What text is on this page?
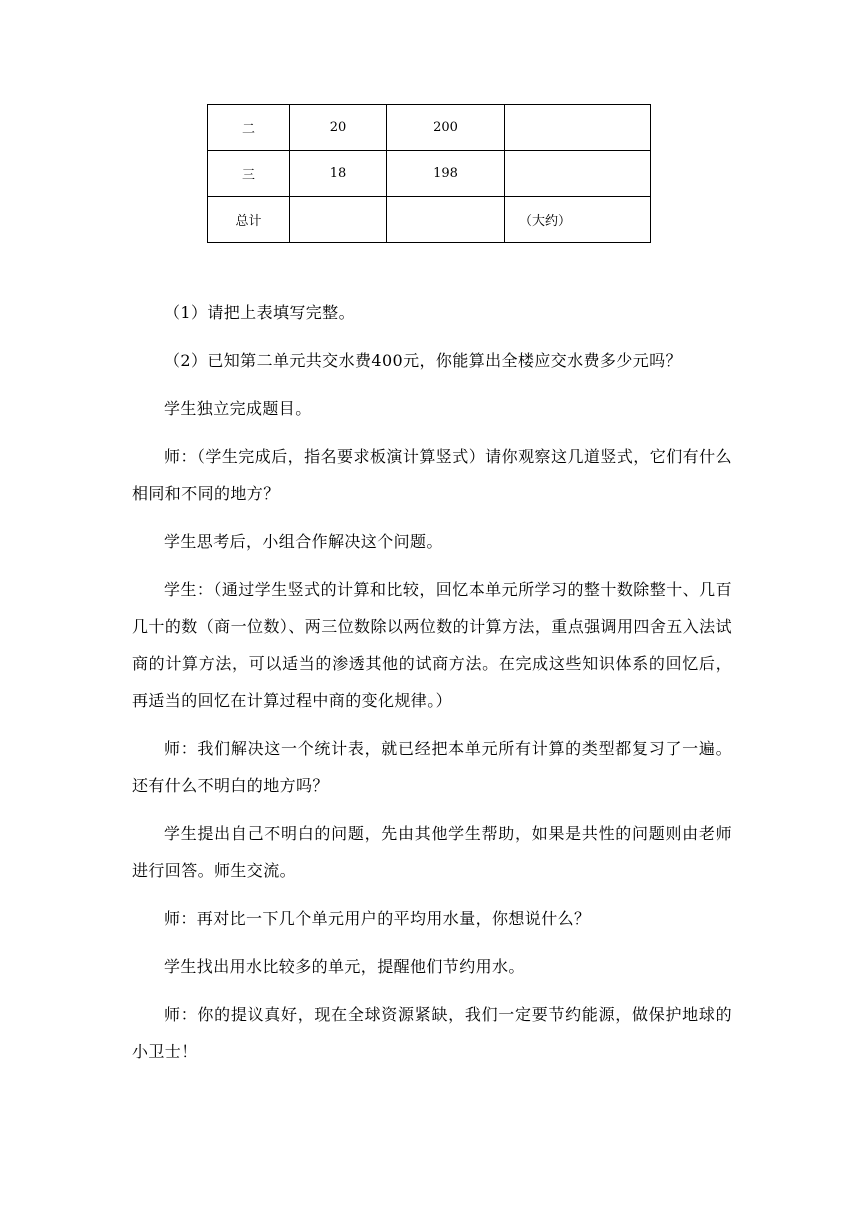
二	20	200	
三	18	198	
总计			（大约）

（1）请把上表填写完整。

（2）已知第二单元共交水费400元，你能算出全楼应交水费多少元吗？

学生独立完成题目。

师：（学生完成后，指名要求板演计算竖式）请你观察这几道竖式，它们有什么相同和不同的地方？

学生思考后，小组合作解决这个问题。

学生：（通过学生竖式的计算和比较，回忆本单元所学习的整十数除整十、几百几十的数（商一位数）、两三位数除以两位数的计算方法，重点强调用四舍五入法试商的计算方法，可以适当的渗透其他的试商方法。在完成这些知识体系的回忆后，再适当的回忆在计算过程中商的变化规律。）

师：我们解决这一个统计表，就已经把本单元所有计算的类型都复习了一遍。还有什么不明白的地方吗？

学生提出自己不明白的问题，先由其他学生帮助，如果是共性的问题则由老师进行回答。师生交流。

师：再对比一下几个单元用户的平均用水量，你想说什么？

学生找出用水比较多的单元，提醒他们节约用水。

师：你的提议真好，现在全球资源紧缺，我们一定要节约能源，做保护地球的小卫士！
